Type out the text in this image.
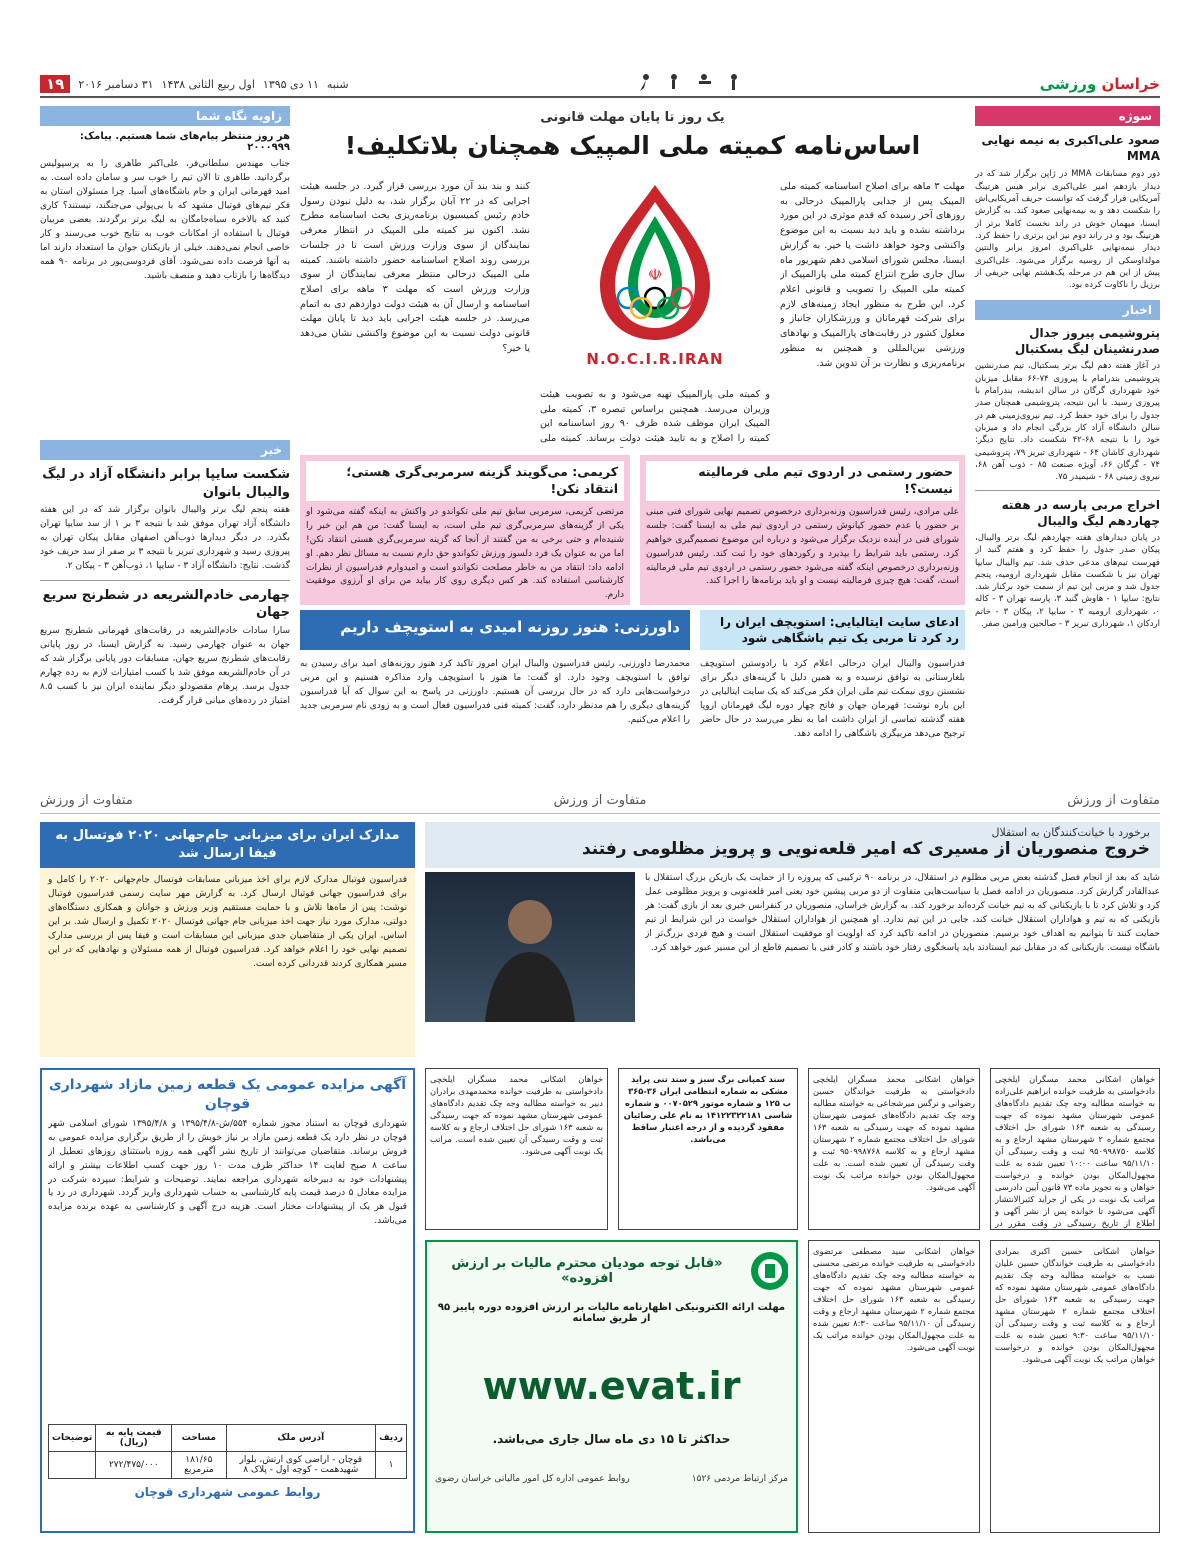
خراسان ورزشی
شنبه
۱۱ دی ۱۳۹۵
اول ربیع الثانی ۱۴۳۸
۳۱ دسامبر ۲۰۱۶
۱۹
سوژه
صعود علی‌اکبری به نیمه نهایی MMA
دور دوم مسابقات MMA در ژاپن برگزار شد که در دیدار یازدهم امیر علی‌اکبری برابر هیس هرتینگ آمریکایی قرار گرفت که توانست حریف آمریکایی‌اش را شکست دهد و به نیمه‌نهایی صعود کند. به گزارش ایسنا، میهمان خوش در راند نخست کاملا برتر از هرتینگ بود و در راند دوم نیز این برتری را حفظ کرد. دیدار نیمه‌نهایی علی‌اکبری امروز برابر والنتین مولداوسکی از روسیه برگزار می‌شود. علی‌اکبری پیش از این هم در مرحله یک‌هشتم نهایی حریفی از برزیل را ناکاوت کرده بود.
اخبار
پتروشیمی پیروز جدال صدرنشینان لیگ بسکتبال
در آغاز هفته دهم لیگ برتر بسکتبال، تیم صدرنشین پتروشیمی بندرامام با پیروزی ۷۴-۶۶ مقابل میزبان خود شهرداری گرگان در سالن اندیشه، بندرامام با پیروزی رسید. با این نتیجه، پتروشیمی همچنان صدر جدول را برای خود حفظ کرد. تیم نیروی‌زمینی هم در سالن دانشگاه آزاد کار بزرگی انجام داد و میزبان خود را با نتیجه ۶۸-۴۲ شکست داد. نتایج دیگر: شهرداری کاشان ۶۴ - شهرداری تبریز ۷۹، پتروشیمی ۷۴ - گرگان ۶۶، آویژه صنعت ۸۵ - ذوب آهن ۶۸، نیروی زمینی ۶۸ - شیمیدر ۷۵.
اخراج مربی پارسه در هفته چهاردهم لیگ والیبال
در پایان دیدارهای هفته چهاردهم لیگ برتر والیبال، پیکان صدر جدول را حفظ کرد و هفتم گنبد از فهرست تیم‌های مدعی حذف شد. تیم والیبال سایپا تهران نیز با شکست مقابل شهرداری ارومیه، پنجم جدول شد و مربی این تیم از سمت خود برکنار شد. نتایج: سایپا ۱ - هاوش گنبد ۳، پارسه تهران ۳ - کاله ۰، شهرداری ارومیه ۳ - سایپا ۲، پیکان ۳ - خاتم اردکان ۱، شهرداری تبریز ۳ - صالحین ورامین صفر.
یک روز تا پایان مهلت قانونی
اساس‌نامه کمیته ملی المپیک همچنان بلاتکلیف!
مهلت ۳ ماهه برای اصلاح اساسنامه کمیته ملی المپیک پس از جدایی پارالمپیک درحالی به روزهای آخر رسیده که قدم موثری در این مورد برداشته نشده و باید دید نسبت به این موضوع واکنشی وجود خواهد داشت یا خیر. به گزارش ایسنا، مجلس شورای اسلامی دهم شهریور ماه سال جاری طرح انتزاع کمیته ملی پارالمپیک از کمیته ملی المپیک را تصویب و قانونی اعلام کرد. این طرح به منظور ایجاد زمینه‌های لازم برای شرکت قهرمانان و ورزشکاران جانباز و معلول کشور در رقابت‌های پارالمپیک و نهادهای ورزشی بین‌المللی و همچنین به منظور برنامه‌ریزی و نظارت بر آن تدوین شد.
☫
N.O.C.I.R.IRAN
و کمیته ملی پارالمپیک تهیه می‌شود و به تصویب هیئت وزیران می‌رسد. همچنین براساس تبصره ۳، کمیته ملی المپیک ایران موظف شده ظرف ۹۰ روز اساسنامه این کمیته را اصلاح و به تایید هیئت دولت برساند. کمیته ملی
کنند و بند بند آن مورد بررسی قرار گیرد. در جلسه هیئت اجرایی که در ۲۲ آبان برگزار شد، به دلیل نبودن رسول خادم رئیس کمیسیون برنامه‌ریزی بحث اساسنامه مطرح نشد. اکنون نیز کمیته ملی المپیک در انتظار معرفی نمایندگان از سوی وزارت ورزش است تا در جلسات بررسی روند اصلاح اساسنامه حضور داشته باشند. کمیته ملی المپیک درحالی منتظر معرفی نمایندگان از سوی وزارت ورزش است که مهلت ۳ ماهه برای اصلاح اساسنامه و ارسال آن به هیئت دولت دوازدهم دی به اتمام می‌رسد. در جلسه هیئت اجرایی باید دید تا پایان مهلت قانونی دولت نسبت به این موضوع واکنشی نشان می‌دهد یا خیر؟
حضور رستمی در اردوی تیم ملی فرمالیته نیست؟!
علی مرادی، رئیس فدراسیون وزنه‌برداری درخصوص تصمیم نهایی شورای فنی مبنی بر حضور یا عدم حضور کیانوش رستمی در اردوی تیم ملی به ایسنا گفت: جلسه شورای فنی در آینده نزدیک برگزار می‌شود و درباره این موضوع تصمیم‌گیری خواهیم کرد. رستمی باید شرایط را بپذیرد و رکوردهای خود را ثبت کند. رئیس فدراسیون وزنه‌برداری درخصوص اینکه گفته می‌شود حضور رستمی در اردوی تیم ملی فرمالیته است، گفت: هیچ چیزی فرمالیته نیست و او باید برنامه‌ها را اجرا کند.
کریمی: می‌گویند گزینه سرمربی‌گری هستی؛ انتقاد نکن!
مرتضی کریمی، سرمربی سابق تیم ملی تکواندو در واکنش به اینکه گفته می‌شود او یکی از گزینه‌های سرمربی‌گری تیم ملی است، به ایسنا گفت: من هم این خبر را شنیده‌ام و حتی برخی به من گفتند از آنجا که گزینه سرمربی‌گری هستی انتقاد نکن! اما من به عنوان یک فرد دلسوز ورزش تکواندو حق دارم نسبت به مسائل نظر دهم. او ادامه داد: انتقاد من به خاطر مصلحت تکواندو است و امیدوارم فدراسیون از نظرات کارشناسی استفاده کند. هر کس دیگری روی کار بیاید من برای او آرزوی موفقیت دارم.
ادعای سایت ایتالیایی: استویچف ایران را رد کرد تا مربی یک تیم باشگاهی شود
داورزنی: هنوز روزنه امیدی به استویچف داریم
فدراسیون والیبال ایران درحالی اعلام کرد با رادوستین استویچف بلغارستانی به توافق نرسیده و به همین دلیل با گزینه‌های دیگر برای نشستن روی نیمکت تیم ملی ایران فکر می‌کند که یک سایت ایتالیایی در این باره نوشت: قهرمان جهان و فاتح چهار دوره لیگ قهرمانان اروپا هفته گذشته تماسی از ایران داشت اما به نظر می‌رسد در حال حاضر ترجیح می‌دهد مربیگری باشگاهی را ادامه دهد.
محمدرضا داورزنی، رئیس فدراسیون والیبال ایران امروز تاکید کرد هنوز روزنه‌های امید برای رسیدن به توافق با استویچف وجود دارد. او گفت: ما هنوز با استویچف وارد مذاکره هستیم و این مربی درخواست‌هایی دارد که در حال بررسی آن هستیم. داورزنی در پاسخ به این سوال که آیا فدراسیون گزینه‌های دیگری را هم مدنظر دارد، گفت: کمیته فنی فدراسیون فعال است و به زودی نام سرمربی جدید را اعلام می‌کنیم.
زاویه نگاه شما
هر روز منتظر پیام‌های شما هستیم. پیامک: ۲۰۰۰۹۹۹
جناب مهندس سلطانی‌فر، علی‌اکبر طاهری را به پرسپولیس برگردانید. طاهری تا الان تیم را خوب سر و سامان داده است. به امید قهرمانی ایران و جام باشگاه‌های آسیا. چرا مسئولان استان به فکر تیم‌های فوتبال مشهد که با بی‌پولی می‌جنگند، نیستند؟ کاری کنید که بالاخره سیاه‌جامگان به لیگ برتر برگردند. بعضی مربیان فوتبال با استفاده از امکانات خوب به نتایج خوب می‌رسند و کار خاصی انجام نمی‌دهند. خیلی از بازیکنان جوان ما استعداد دارند اما به آنها فرصت داده نمی‌شود. آقای فردوسی‌پور در برنامه ۹۰ همه دیدگاه‌ها را بازتاب دهید و منصف باشید.
خبر
شکست سایپا برابر دانشگاه آزاد در لیگ والیبال بانوان
هفته پنجم لیگ برتر والیبال بانوان برگزار شد که در این هفته دانشگاه آزاد تهران موفق شد با نتیجه ۳ بر ۱ از سد سایپا تهران بگذرد. در دیگر دیدارها ذوب‌آهن اصفهان مقابل پیکان تهران به پیروزی رسید و شهرداری تبریز با نتیجه ۳ بر صفر از سد حریف خود گذشت. نتایج: دانشگاه آزاد ۳ - سایپا ۱، ذوب‌آهن ۳ - پیکان ۲.
چهارمی خادم‌الشریعه در شطرنج سریع جهان
سارا سادات خادم‌الشریعه در رقابت‌های قهرمانی شطرنج سریع جهان به عنوان چهارمی رسید. به گزارش ایسنا، در روز پایانی رقابت‌های شطرنج سریع جهان، مسابقات دور پایانی برگزار شد که در آن خادم‌الشریعه موفق شد با کسب امتیازات لازم به رده چهارم جدول برسد. پرهام مقصودلو دیگر نماینده ایران نیز با کسب ۸.۵ امتیاز در رده‌های میانی قرار گرفت.
متفاوت از ورزش
متفاوت از ورزش
متفاوت از ورزش
برخورد با خیانت‌کنندگان به استقلال
خروج منصوریان از مسیری که امیر قلعه‌نویی و پرویز مظلومی رفتند
شاید که بعد از انجام فصل گذشته بعض مربی مظلوم در استقلال، در برنامه ۹۰ ترکیبی که پیروزه را از حمایت یک بازیکن بزرگ استقلال با عبدالقادر گزارش کرد. منصوریان در ادامه فصل با سیاست‌هایی متفاوت از دو مربی پیشین خود یعنی امیر قلعه‌نویی و پرویز مظلومی عمل کرد و تلاش کرد تا با بازیکنانی که به تیم خیانت کرده‌اند برخورد کند. به گزارش خراسان، منصوریان در کنفرانس خبری بعد از بازی گفت: هر بازیکنی که به تیم و هواداران استقلال خیانت کند، جایی در این تیم ندارد. او همچنین از هواداران استقلال خواست در این شرایط از تیم حمایت کنند تا بتوانیم به اهداف خود برسیم. منصوریان در ادامه تاکید کرد که اولویت او موفقیت استقلال است و هیچ فردی بزرگ‌تر از باشگاه نیست. بازیکنانی که در مقابل تیم ایستادند باید پاسخگوی رفتار خود باشند و کادر فنی با تصمیم قاطع از این مسیر عبور خواهد کرد.
مدارک ایران برای میزبانی جام‌جهانی ۲۰۲۰ فوتسال به فیفا ارسال شد
فدراسیون فوتبال مدارک لازم برای اخذ میزبانی مسابقات فوتسال جام‌جهانی ۲۰۲۰ را کامل و برای فدراسیون جهانی فوتبال ارسال کرد. به گزارش مهر سایت رسمی فدراسیون فوتبال نوشت: پس از ماه‌ها تلاش و با حمایت مستقیم وزیر ورزش و جوانان و همکاری دستگاه‌های دولتی، مدارک مورد نیاز جهت اخذ میزبانی جام جهانی فوتسال ۲۰۲۰ تکمیل و ارسال شد. بر این اساس، ایران یکی از متقاضیان جدی میزبانی این مسابقات است و فیفا پس از بررسی مدارک تصمیم نهایی خود را اعلام خواهد کرد. فدراسیون فوتبال از همه مسئولان و نهادهایی که در این مسیر همکاری کردند قدردانی کرده است.
آگهی مزایده عمومی یک قطعه زمین مازاد شهرداری قوچان
شهرداری قوچان به استناد مجوز شماره ۵۵۴/ش-۱۳۹۵/۴/۸ و ۱۳۹۵/۴/۸ شورای اسلامی شهر قوچان در نظر دارد یک قطعه زمین مازاد بر نیاز خویش را از طریق برگزاری مزایده عمومی به فروش برساند. متقاضیان می‌توانند از تاریخ نشر آگهی همه روزه باستثنای روزهای تعطیل از ساعت ۸ صبح لغایت ۱۴ حداکثر ظرف مدت ۱۰ روز جهت کسب اطلاعات بیشتر و ارائه پیشنهادات خود به دبیرخانه شهرداری مراجعه نمایند. توضیحات و شرایط: سپرده شرکت در مزایده معادل ۵ درصد قیمت پایه کارشناسی به حساب شهرداری واریز گردد. شهرداری در رد یا قبول هر یک از پیشنهادات مختار است. هزینه درج آگهی و کارشناسی به عهده برنده مزایده می‌باشد.
ردیف	آدرس ملک	مساحت	قیمت پایه به (ریال)	توضیحات
۱	قوچان - اراضی کوی ارتش، بلوار شهیدهمت - کوچه اول - پلاک ۸	۱۸۱/۶۵ مترمربع	۲۷۲/۴۷۵/۰۰۰	
روابط عمومی شهرداری قوچان
خواهان اشکانی محمد مسگران ایلخچی دادخواستی به طرفیت خوانده ابراهیم علی‌زاده به خواسته مطالبه وجه چک تقدیم دادگاه‌های عمومی شهرستان مشهد نموده که جهت رسیدگی به شعبه ۱۶۳ شورای حل اختلاف مجتمع شماره ۲ شهرستان مشهد ارجاع و به کلاسه ۹۵۰۹۹۸۷۵۰ ثبت و وقت رسیدگی آن ۹۵/۱۱/۱۰ ساعت ۱۰:۰۰ تعیین شده به علت مجهول‌المکان بودن خوانده و درخواست خواهان و به تجویز ماده ۷۳ قانون آیین دادرسی مراتب یک نوبت در یکی از جراید کثیرالانتشار آگهی می‌شود تا خوانده پس از نشر آگهی و اطلاع از تاریخ رسیدگی در وقت مقرر در
خواهان اشکانی محمد مسگران ایلخچی دادخواستی به طرفیت خواندگان حسین رضوانی و نرگس میرشجاعی به خواسته مطالبه وجه چک تقدیم دادگاه‌های عمومی شهرستان مشهد نموده که جهت رسیدگی به شعبه ۱۶۳ شورای حل اختلاف مجتمع شماره ۲ شهرستان مشهد ارجاع و به کلاسه ۹۵۰۹۹۸۷۶۸ ثبت و وقت رسیدگی آن تعیین شده است. به علت مجهول‌المکان بودن خوانده مراتب یک نوبت آگهی می‌شود.
سند کمپانی برگ سبز و سند تنی پراید مشکی به شماره انتظامی ایران ۳۶-۳۶۵ ب ۱۲۵ و شماره موتور ۰۰۷۰۵۲۹ و شماره شاسی ۱۴۱۲۲۳۲۲۱۸۱ به نام علی رضائیان مفقود گردیده و از درجه اعتبار ساقط می‌باشد.
خواهان اشکانی محمد مسگران ایلخچی دادخواستی به طرفیت خوانده محمدمهدی برادران دبیر به خواسته مطالبه وجه چک تقدیم دادگاه‌های عمومی شهرستان مشهد نموده که جهت رسیدگی به شعبه ۱۶۳ شورای حل اختلاف ارجاع و به کلاسه ثبت و وقت رسیدگی آن تعیین شده است. مراتب یک نوبت آگهی می‌شود.
خواهان اشکانی حسین اکبری بمرادی دادخواستی به طرفیت خواندگان حسین علیان نسب به خواسته مطالبه وجه چک تقدیم دادگاه‌های عمومی شهرستان مشهد نموده که جهت رسیدگی به شعبه ۱۶۳ شورای حل اختلاف مجتمع شماره ۲ شهرستان مشهد ارجاع و به کلاسه ثبت و وقت رسیدگی آن ۹۵/۱۱/۱۰ ساعت ۹:۳۰ تعیین شده به علت مجهول‌المکان بودن خوانده و درخواست خواهان مراتب یک نوبت آگهی می‌شود.
خواهان اشکانی سید مصطفی مرتضوی دادخواستی به طرفیت خوانده مرتضی محسنی به خواسته مطالبه وجه چک تقدیم دادگاه‌های عمومی شهرستان مشهد نموده که جهت رسیدگی به شعبه ۱۶۳ شورای حل اختلاف مجتمع شماره ۲ شهرستان مشهد ارجاع و وقت رسیدگی آن ۹۵/۱۱/۱۰ ساعت ۸:۳۰ تعیین شده به علت مجهول‌المکان بودن خوانده مراتب یک نوبت آگهی می‌شود.
«قابل توجه مودیان محترم مالیات بر ارزش افزوده»
مهلت ارائه الکترونیکی اظهارنامه مالیات بر ارزش افزوده دوره پاییز ۹۵ از طریق سامانه
www.evat.ir
حداکثر تا ۱۵ دی ماه سال جاری می‌باشد.
مرکز ارتباط مردمی ۱۵۲۶
روابط عمومی اداره کل امور مالیاتی خراسان رضوی
